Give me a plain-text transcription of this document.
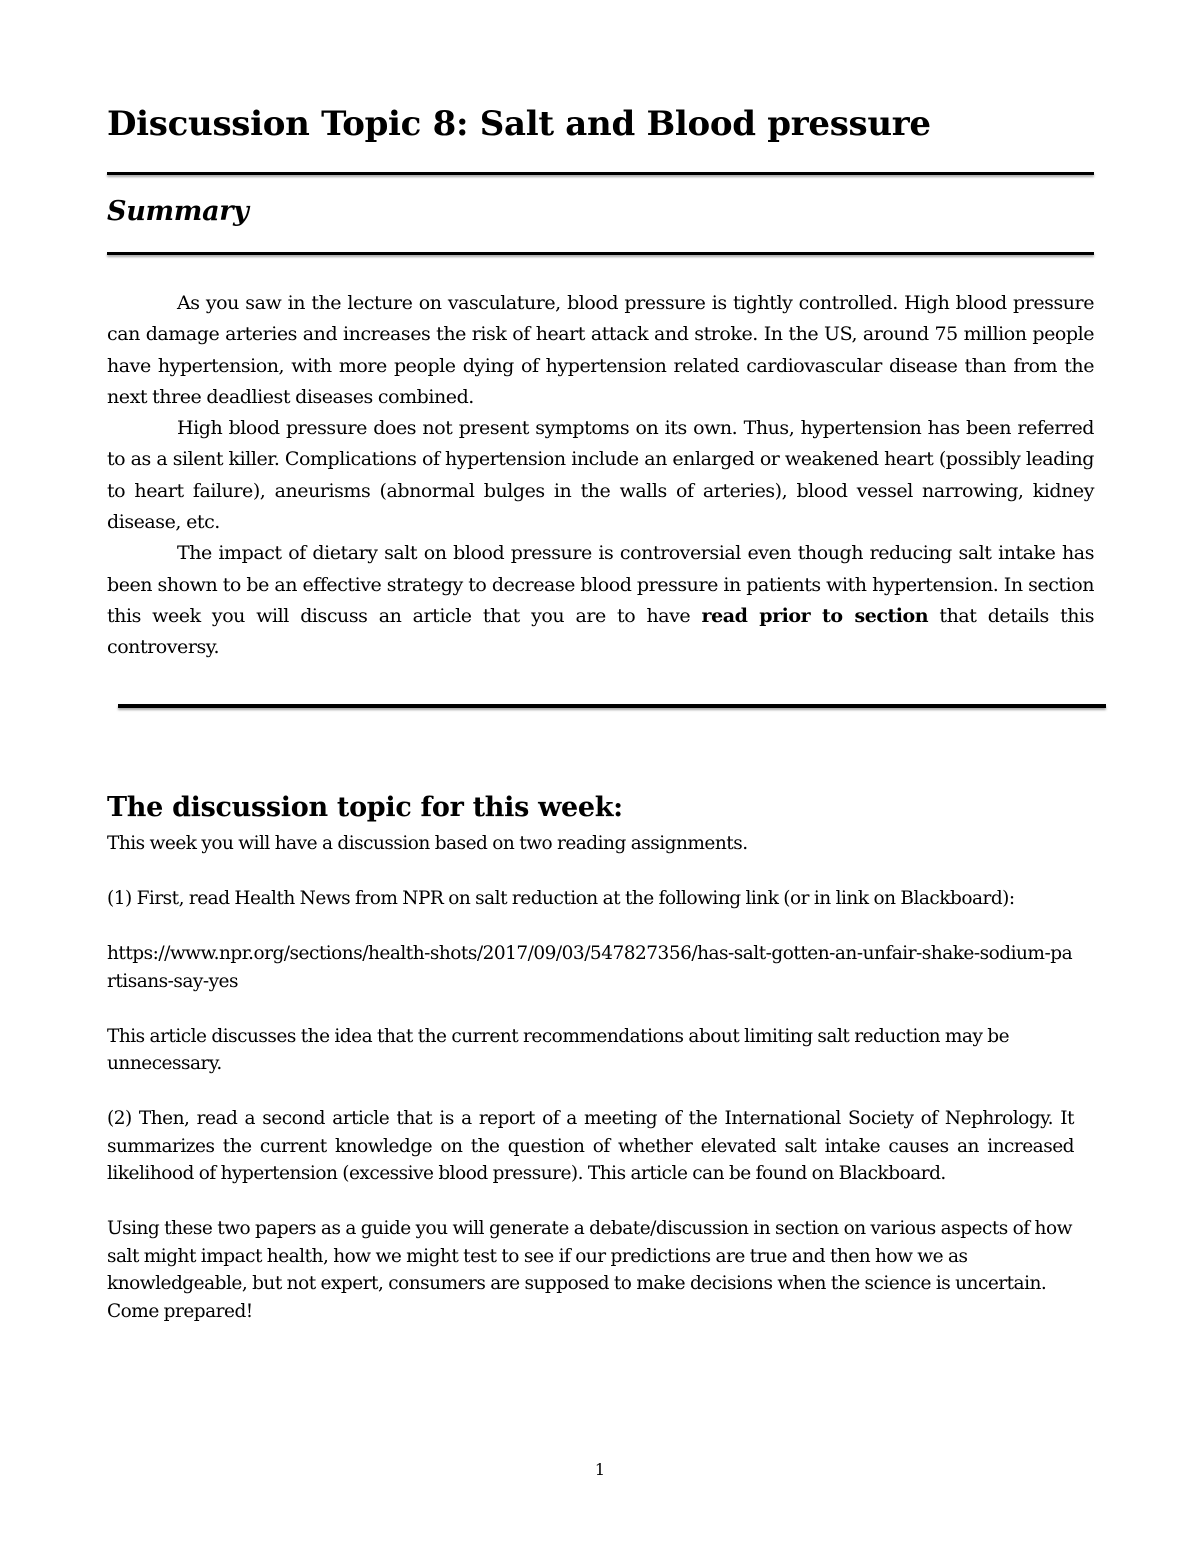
Discussion Topic 8: Salt and Blood pressure
Summary

As you saw in the lecture on vasculature, blood pressure is tightly controlled. High blood pressure can damage arteries and increases the risk of heart attack and stroke. In the US, around 75 million people have hypertension, with more people dying of hypertension related cardiovascular disease than from the next three deadliest diseases combined.

High blood pressure does not present symptoms on its own. Thus, hypertension has been referred to as a silent killer. Complications of hypertension include an enlarged or weakened heart (possibly leading to heart failure), aneurisms (abnormal bulges in the walls of arteries), blood vessel narrowing, kidney disease, etc.

The impact of dietary salt on blood pressure is controversial even though reducing salt intake has been shown to be an effective strategy to decrease blood pressure in patients with hypertension. In section this week you will discuss an article that you are to have read prior to section that details this controversy.

The discussion topic for this week:

This week you will have a discussion based on two reading assignments.

(1) First, read Health News from NPR on salt reduction at the following link (or in link on Blackboard):

https://www.npr.org/sections/health-shots/2017/09/03/547827356/has-salt-gotten-an-unfair-shake-sodium-partisans-say-yes

This article discusses the idea that the current recommendations about limiting salt reduction may be unnecessary.

(2) Then, read a second article that is a report of a meeting of the International Society of Nephrology. It summarizes the current knowledge on the question of whether elevated salt intake causes an increased likelihood of hypertension (excessive blood pressure). This article can be found on Blackboard.

Using these two papers as a guide you will generate a debate/discussion in section on various aspects of how salt might impact health, how we might test to see if our predictions are true and then how we as knowledgeable, but not expert, consumers are supposed to make decisions when the science is uncertain. Come prepared!

1
